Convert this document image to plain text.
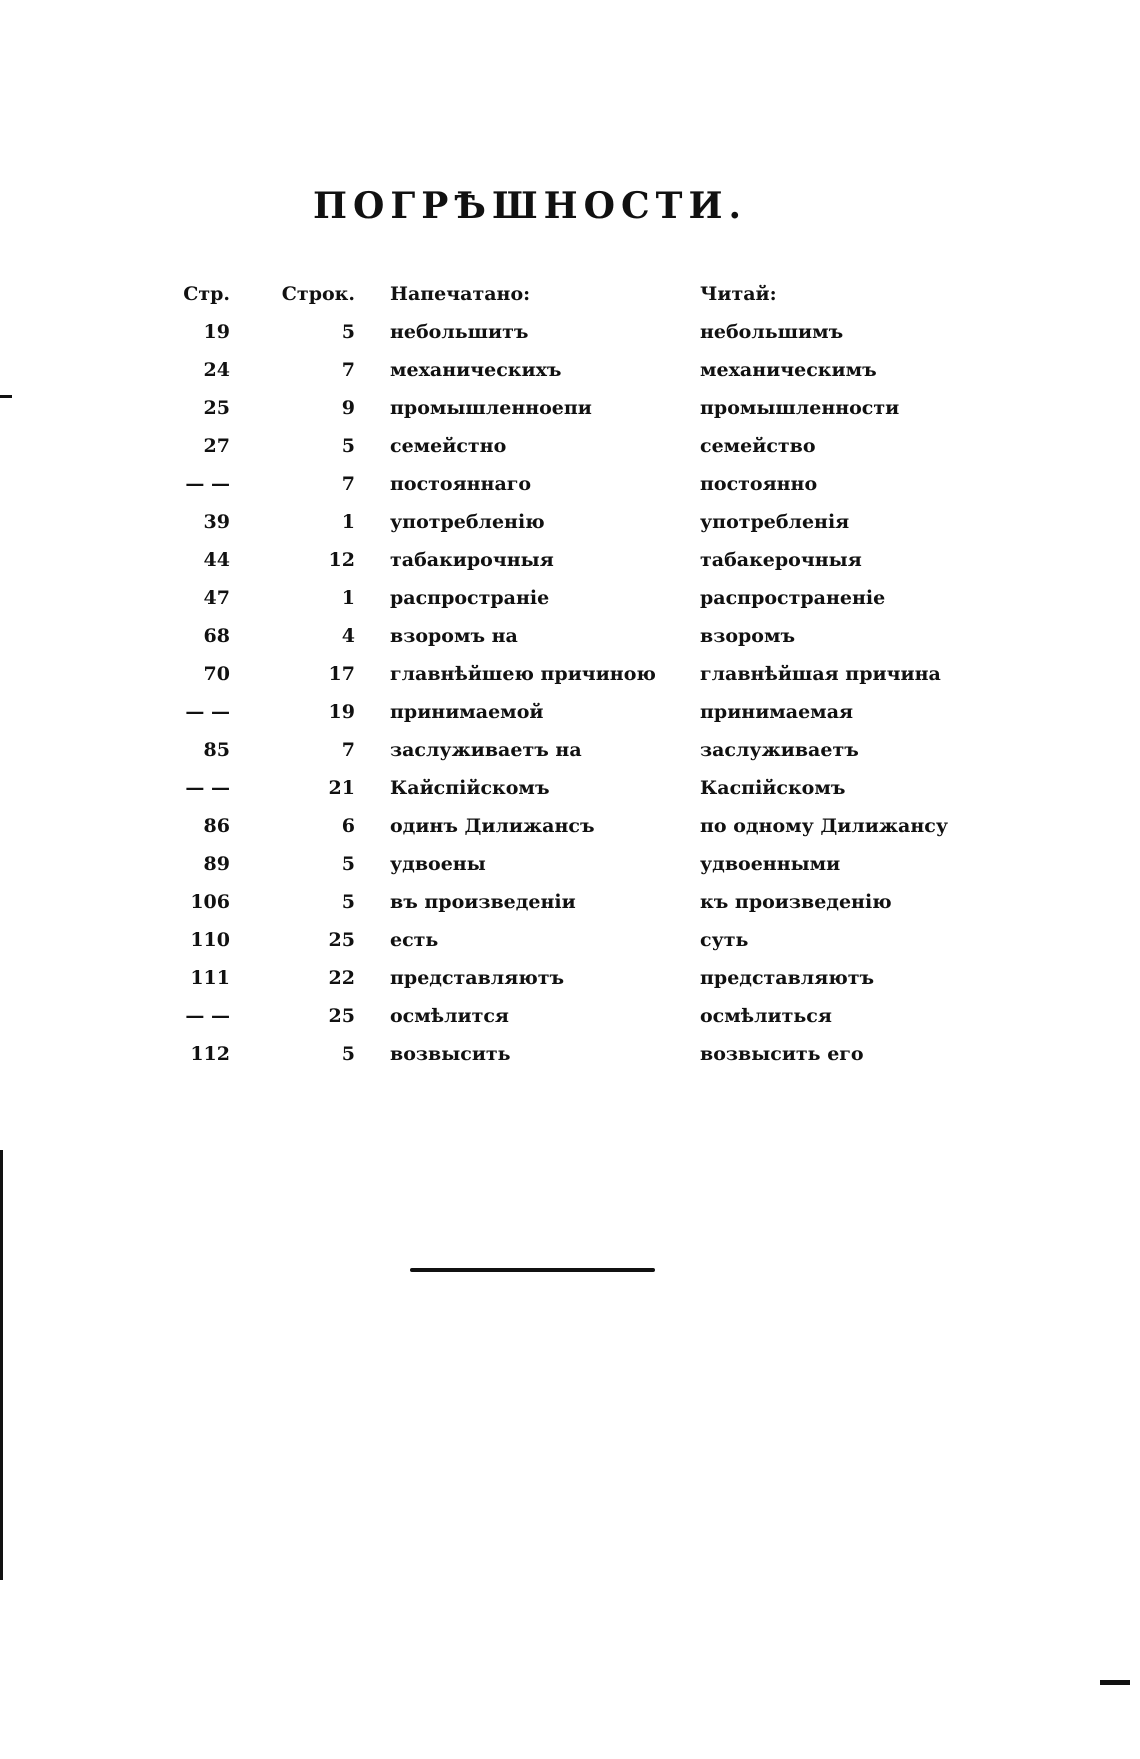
ПОГРѢШНОСТИ.
Стр.	Строк.	Напечатано:	Читай:
19	5	небольшитъ	небольшимъ
24	7	механическихъ	механическимъ
25	9	промышленноепи	промышленности
27	5	семейстно	семейство
— —	7	постояннаго	постоянно
39	1	употребленію	употребленія
44	12	табакирочныя	табакерочныя
47	1	распространіе	распространеніе
68	4	взоромъ на	взоромъ
70	17	главнѣйшею причиною	главнѣйшая причина
— —	19	принимаемой	принимаемая
85	7	заслуживаетъ на	заслуживаетъ
— —	21	Кайспійскомъ	Каспійскомъ
86	6	одинъ Дилижансъ	по одному Дилижансу
89	5	удвоены	удвоенными
106	5	въ произведеніи	къ произведенію
110	25	есть	суть
111	22	представляютъ	представляютъ
— —	25	осмѣлится	осмѣлиться
112	5	возвысить	возвысить его
